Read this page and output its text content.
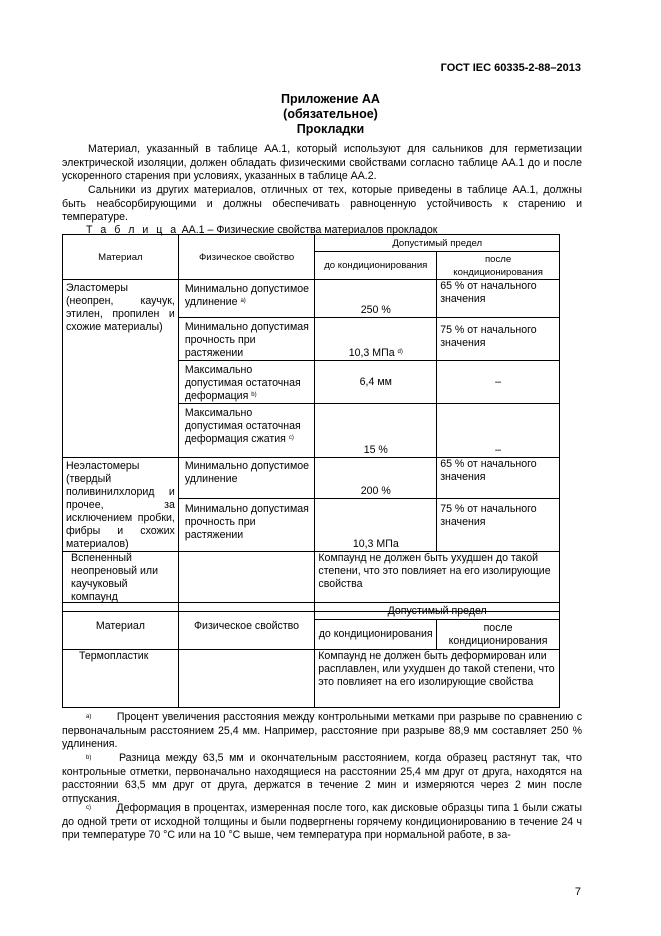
ГОСТ IEC 60335-2-88–2013
Приложение АА
(обязательное)
Прокладки
Материал, указанный в таблице АА.1, который используют для сальников для герметизации электрической изоляции, должен обладать физическими свойствами согласно таблице АА.1 до и после ускоренного старения при условиях, указанных в таблице АА.2.
Сальники из других материалов, отличных от тех, которые приведены в таблице АА.1, должны быть неабсорбирующими и должны обеспечивать равноценную устойчивость к старению и температуре.
Т а б л и ц а АА.1 – Физические свойства материалов прокладок
Материал	Физическое свойство	Допустимый предел	
		до кондиционирования	после кондиционирования
Эластомеры (неопрен, каучук, этилен, пропилен и схожие материалы)	Минимально допустимое удлинение $^{a)}$	250 %	65 % от начального значения
	Минимально допустимая прочность при растяжении	10,3 МПа $^{d)}$	75 % от начального значения
	Максимально допустимая остаточная деформация $^{b)}$	6,4 мм	–
	Максимально допустимая остаточная деформация сжатия $^{c)}$	15 %	–
Неэластомеры (твердый поливинилхлорид и прочее, за исключением пробки, фибры и схожих материалов)	Минимально допустимое удлинение	200 %	65 % от начального значения
	Минимально допустимая прочность при растяжении	10,3 МПа	75 % от начального значения
Вспененный неопреновый или каучуковый компаунд		Компаунд не должен быть ухудшен до такой степени, что это повлияет на его изолирующие свойства	
Материал	Физическое свойство	Допустимый предел	
		до кондиционирования	после кондиционирования
Термопластик		Компаунд не должен быть деформирован или расплавлен, или ухудшен до такой степени, что это повлияет на его изолирующие свойства	
$^{a)}$ Процент увеличения расстояния между контрольными метками при разрыве по сравнению с первоначальным расстоянием 25,4 мм. Например, расстояние при разрыве 88,9 мм составляет 250 % удлинения.
$^{b)}$	Разница между 63,5 мм и окончательным расстоянием, когда образец растянут так, что контрольные отметки, первоначально находящиеся на расстоянии 25,4 мм друг от друга, находятся на расстоянии 63,5 мм друг от друга, держатся в течение 2 мин и измеряются через 2 мин после отпускания.
$^{c)}$ Деформация в процентах, измеренная после того, как дисковые образцы типа 1 были сжаты до одной трети от исходной толщины и были подвергнены горячему кондиционированию в течение 24 ч при температуре 70 °C или на 10 °C выше, чем температура при нормальной работе, в за-
7
